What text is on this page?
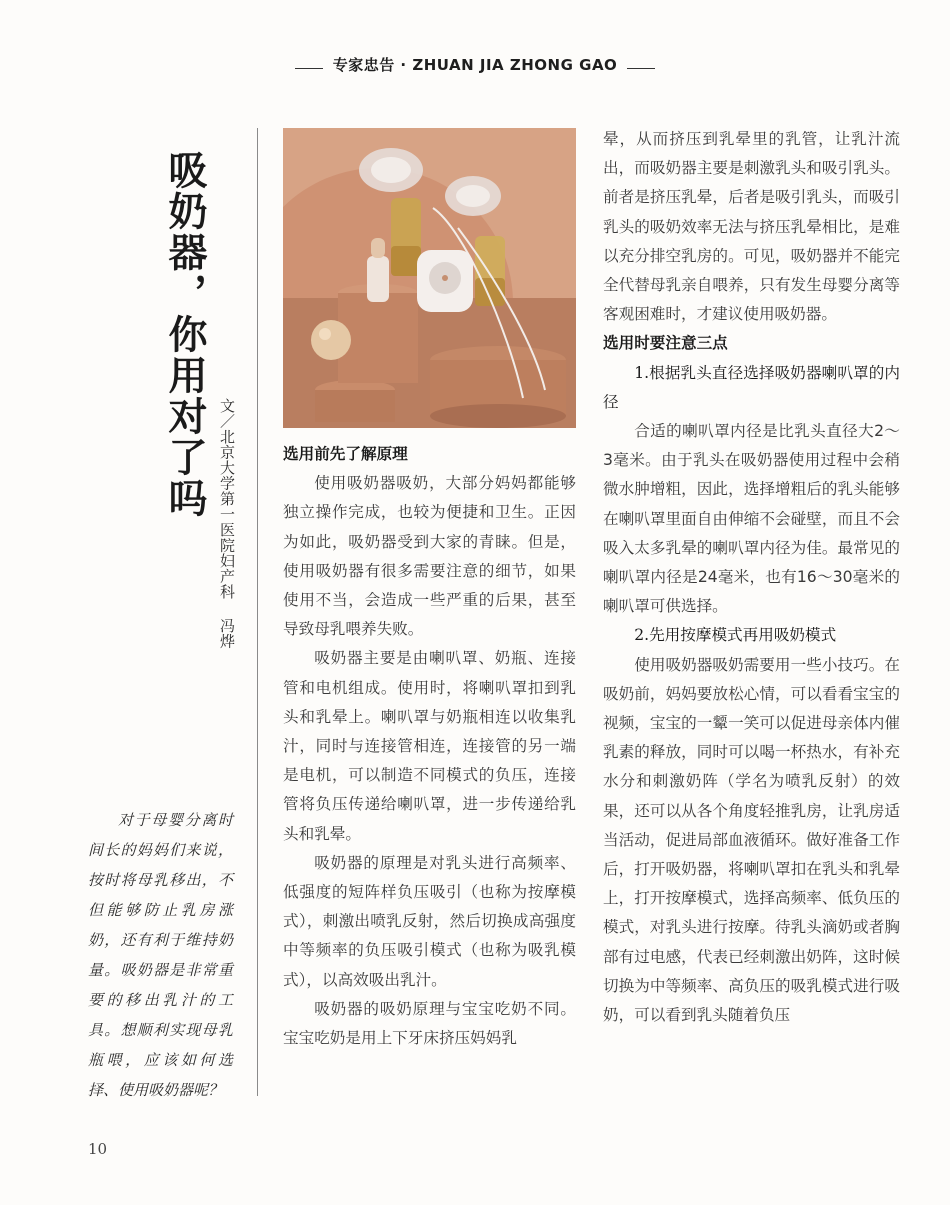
专家忠告 · ZHUAN JIA ZHONG GAO
吸奶器，你用对了吗
文／北京大学第一医院妇产科 冯烨
对于母婴分离时间长的妈妈们来说，按时将母乳移出，不但能够防止乳房涨奶，还有利于维持奶量。吸奶器是非常重要的移出乳汁的工具。想顺利实现母乳瓶喂，应该如何选择、使用吸奶器呢？
选用前先了解原理

使用吸奶器吸奶，大部分妈妈都能够独立操作完成，也较为便捷和卫生。正因为如此，吸奶器受到大家的青睐。但是，使用吸奶器有很多需要注意的细节，如果使用不当，会造成一些严重的后果，甚至导致母乳喂养失败。

吸奶器主要是由喇叭罩、奶瓶、连接管和电机组成。使用时，将喇叭罩扣到乳头和乳晕上。喇叭罩与奶瓶相连以收集乳汁，同时与连接管相连，连接管的另一端是电机，可以制造不同模式的负压，连接管将负压传递给喇叭罩，进一步传递给乳头和乳晕。

吸奶器的原理是对乳头进行高频率、低强度的短阵样负压吸引（也称为按摩模式），刺激出喷乳反射，然后切换成高强度中等频率的负压吸引模式（也称为吸乳模式），以高效吸出乳汁。

吸奶器的吸奶原理与宝宝吃奶不同。宝宝吃奶是用上下牙床挤压妈妈乳

晕，从而挤压到乳晕里的乳管，让乳汁流出，而吸奶器主要是刺激乳头和吸引乳头。前者是挤压乳晕，后者是吸引乳头，而吸引乳头的吸奶效率无法与挤压乳晕相比，是难以充分排空乳房的。可见，吸奶器并不能完全代替母乳亲自喂养，只有发生母婴分离等客观困难时，才建议使用吸奶器。

选用时要注意三点
1.根据乳头直径选择吸奶器喇叭罩的内径

合适的喇叭罩内径是比乳头直径大2～3毫米。由于乳头在吸奶器使用过程中会稍微水肿增粗，因此，选择增粗后的乳头能够在喇叭罩里面自由伸缩不会碰壁，而且不会吸入太多乳晕的喇叭罩内径为佳。最常见的喇叭罩内径是24毫米，也有16～30毫米的喇叭罩可供选择。

2.先用按摩模式再用吸奶模式

使用吸奶器吸奶需要用一些小技巧。在吸奶前，妈妈要放松心情，可以看看宝宝的视频，宝宝的一颦一笑可以促进母亲体内催乳素的释放，同时可以喝一杯热水，有补充水分和刺激奶阵（学名为喷乳反射）的效果，还可以从各个角度轻推乳房，让乳房适当活动，促进局部血液循环。做好准备工作后，打开吸奶器，将喇叭罩扣在乳头和乳晕上，打开按摩模式，选择高频率、低负压的模式，对乳头进行按摩。待乳头滴奶或者胸部有过电感，代表已经刺激出奶阵，这时候切换为中等频率、高负压的吸乳模式进行吸奶，可以看到乳头随着负压

10
